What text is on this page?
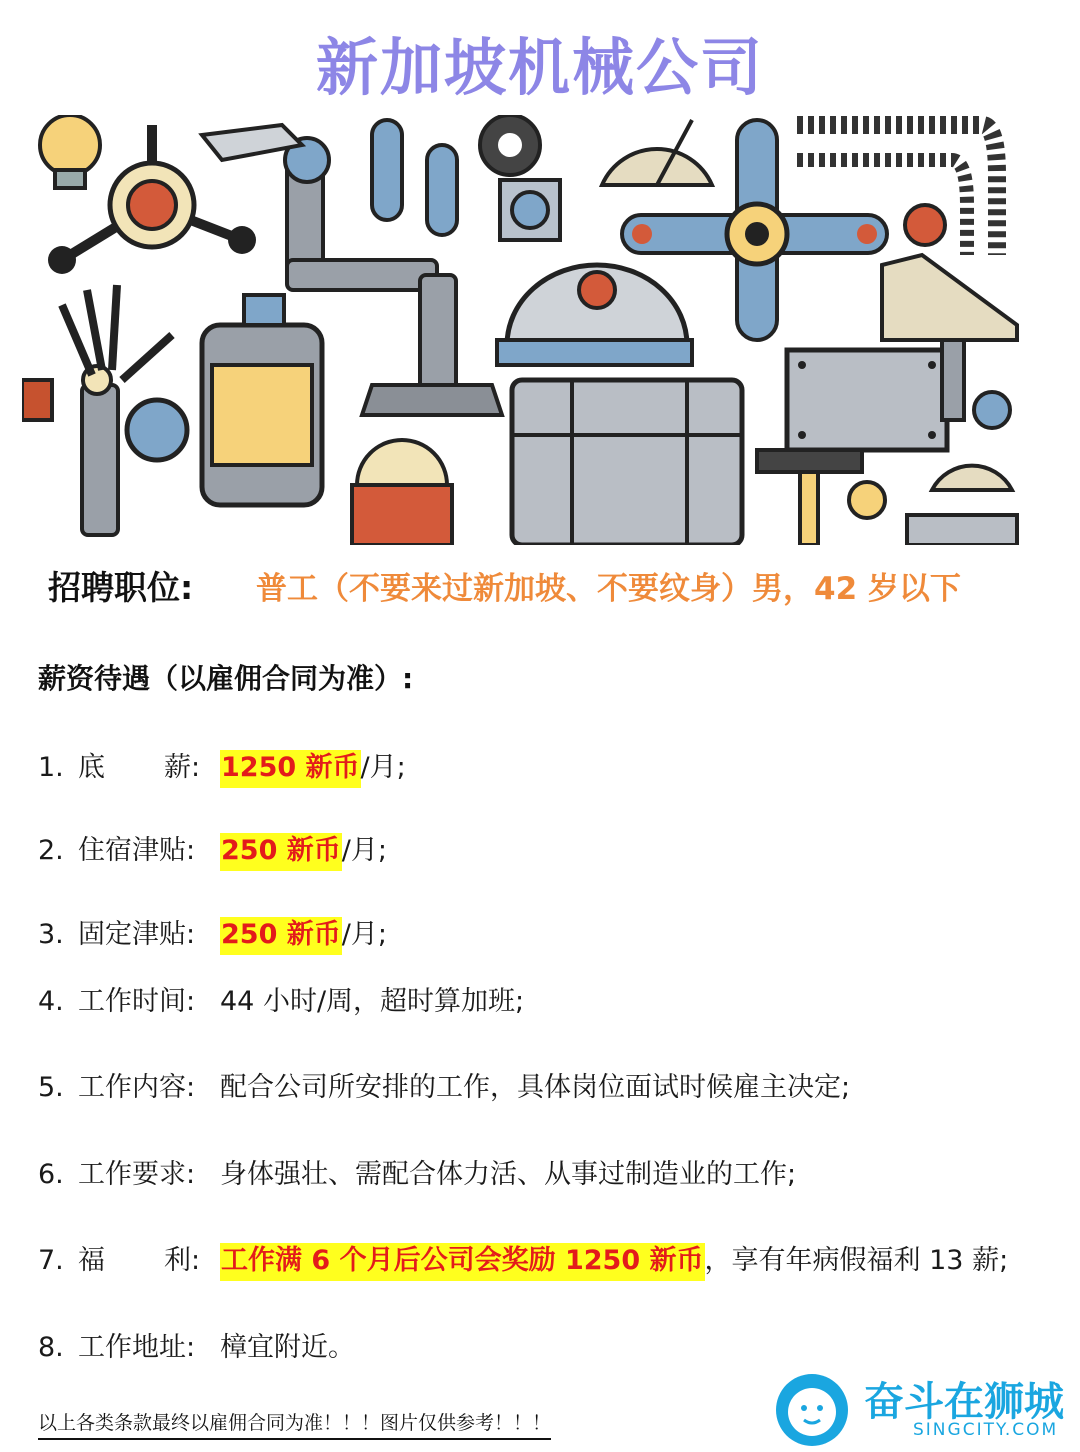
新加坡机械公司
招聘职位: 普工（不要来过新加坡、不要纹身）男，42 岁以下
薪资待遇（以雇佣合同为准）:
1. 底 薪: 1250 新币/月;
2. 住宿津贴: 250 新币/月;
3. 固定津贴: 250 新币/月;
4. 工作时间: 44 小时/周，超时算加班;
5. 工作内容: 配合公司所安排的工作，具体岗位面试时候雇主决定;
6. 工作要求: 身体强壮、需配合体力活、从事过制造业的工作;
7. 福 利: 工作满 6 个月后公司会奖励 1250 新币，享有年病假福利 13 薪;
8. 工作地址: 樟宜附近。
以上各类条款最终以雇佣合同为准！！！图片仅供参考！！！	奋斗在狮城
SINGCITY.COM
